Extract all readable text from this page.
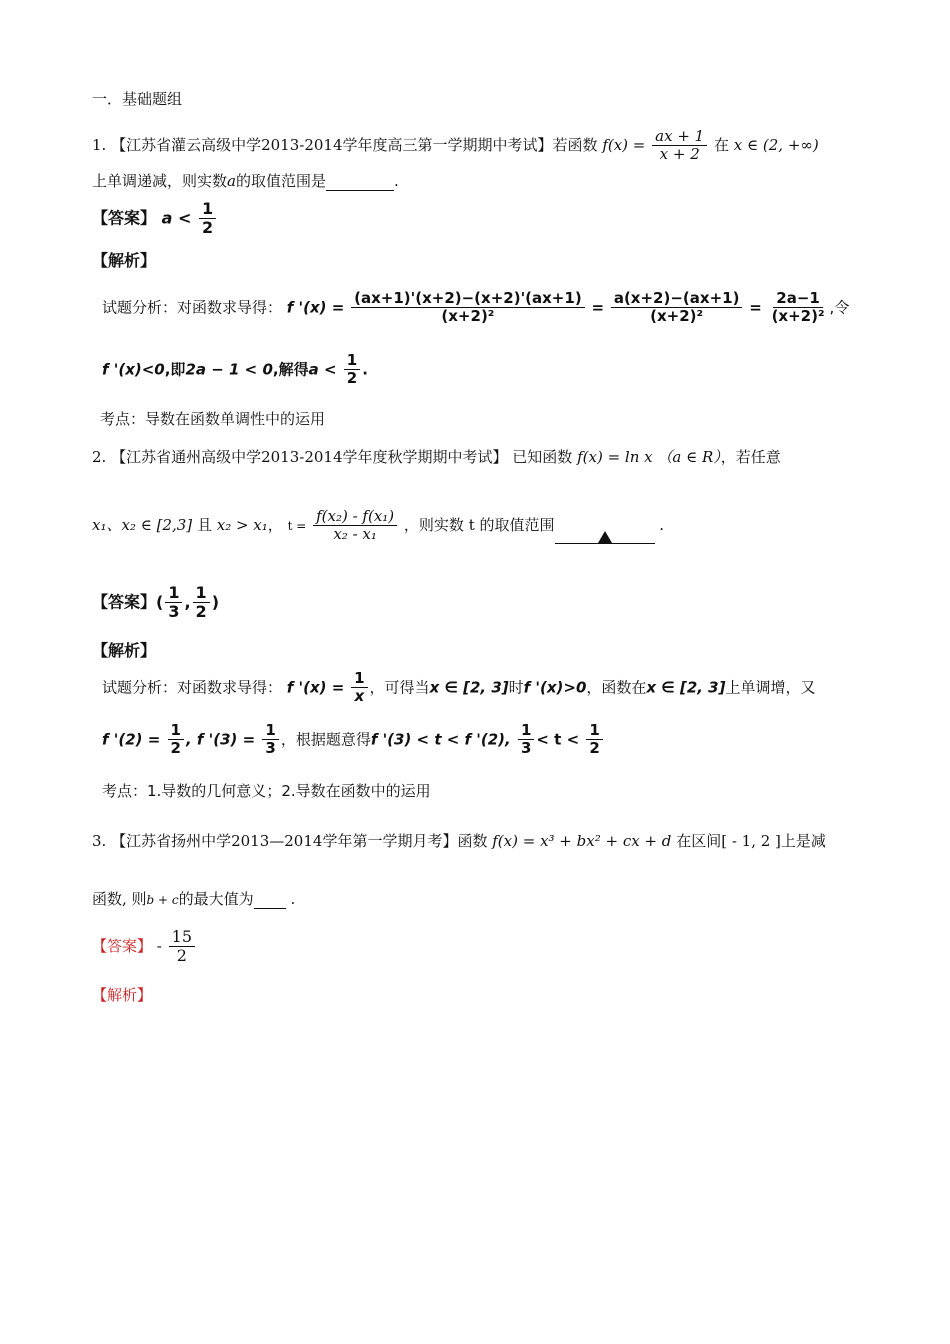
一．基础题组
1. 【江苏省灌云高级中学2013-2014学年度高三第一学期期中考试】若函数 $f(x) = \frac{ax + 1}{x + 2}$ 在 x ∈ (2, +∞)
上单调递减，则实数a的取值范围是	.
【答案】 $a < \frac{1}{2}$
【解析】
试题分析：对函数求导得： f '$(x) = \frac{(ax+1)'(x+2)-(x+2)'(ax+1)}{\text{(x+2)²}} = \frac{a(x+2)-(ax+1)}{\text{(x+2)²}} = \frac{2a-1}{\text{(x+2)²}}$ ,令
f '(x)<0,即2a − 1 < 0,解得$a < \frac{1}{2}$ .
考点：导数在函数单调性中的运用
2. 【江苏省通州高级中学2013-2014学年度秋学期期中考试】 已知函数 f(x) = ln x （a ∈ R），若任意
x₁、x₂ ∈ [2,3] 且 x₂ > x₁， $t = \frac{\text{f(x₂) - f(x₁)}}{\text{x₂ - x₁}}$ ，则实数 t 的取值范围	.
【答案】( $\frac{1}{3}$ , $\frac{1}{2}$ )
【解析】
试题分析：对函数求导得： f '$(x) = \frac{1}{x}$ ，可得当x ∈ [2, 3]时f '(x)>0，函数在x ∈ [2, 3]上单调增，又
f '$(2) = \frac{1}{2}$ , f '$(3) = \frac{1}{3}$ ，根据题意得f '(3) < t < f '(2), $\frac{1}{3} < t < \frac{1}{2}$
考点：1.导数的几何意义；2.导数在函数中的运用
3. 【江苏省扬州中学2013—2014学年第一学期月考】函数 f(x) = x³ + bx² + cx + d 在区间[ - 1, 2 ]上是减
函数, 则b + c的最大值为 .
【答案】 - $\frac{15}{2}$
【解析】
